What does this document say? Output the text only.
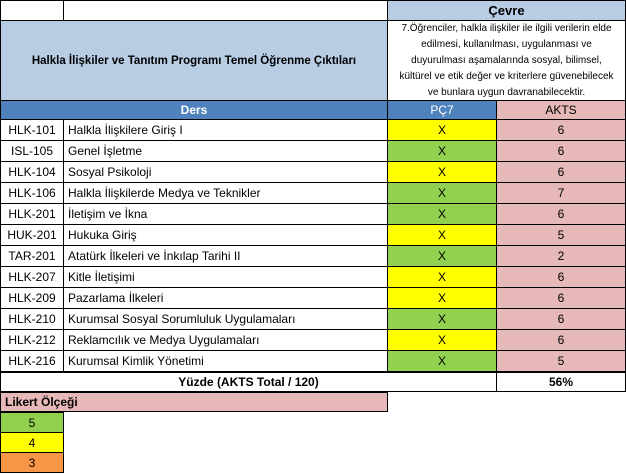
Çevre
Halkla İlişkiler ve Tanıtım Programı Temel Öğrenme Çıktıları
7.Öğrenciler, halkla ilişkiler ile ilgili verilerin elde edilmesi, kullanılması, uygulanması ve duyurulması aşamalarında sosyal, bilimsel, kültürel ve etik değer ve kriterlere güvenebilecek ve bunlara uygun davranabilecektir.
Ders	PÇ7	AKTS
HLK-101	Halkla İlişkilere Giriş I	X	6
ISL-105	Genel İşletme	X	6
HLK-104	Sosyal Psikoloji	X	6
HLK-106	Halkla İlişkilerde Medya ve Teknikler	X	7
HLK-201	İletişim ve İkna	X	6
HUK-201 Hukuka Giriş	X	5
TAR-201	Atatürk İlkeleri ve İnkılap Tarihi II	X	2
HLK-207	Kitle İletişimi	X	6
HLK-209	Pazarlama İlkeleri	X	6
HLK-210	Kurumsal Sosyal Sorumluluk Uygulamaları	X	6
HLK-212	Reklamcılık ve Medya Uygulamaları	X	6
HLK-216	Kurumsal Kimlik Yönetimi	X	5
Yüzde (AKTS Total / 120)	56%
Likert Ölçeği
5
4
3
